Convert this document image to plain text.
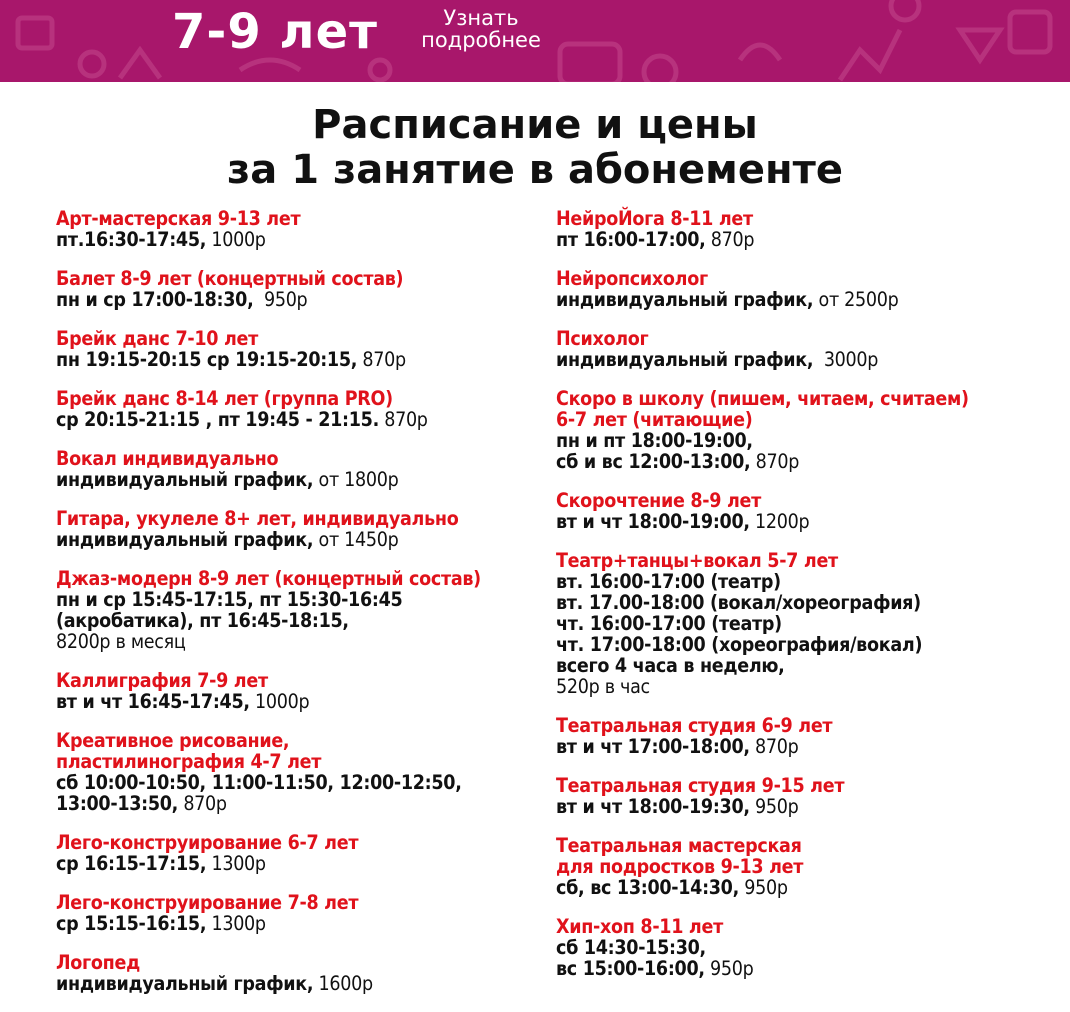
7-9 лет	Узнать
подробнее
Расписание и цены
за 1 занятие в абонементе
Арт-мастерская 9-13 лет
пт.16:30-17:45, 1000р
Балет 8-9 лет (концертный состав)
пн и ср 17:00-18:30,  950р
Брейк данс 7-10 лет
пн 19:15-20:15 ср 19:15-20:15, 870р
Брейк данс 8-14 лет (группа PRO)
ср 20:15-21:15 , пт 19:45 - 21:15. 870р
Вокал индивидуально
индивидуальный график, от 1800р
Гитара, укулеле 8+ лет, индивидуально
индивидуальный график, от 1450р
Джаз-модерн 8-9 лет (концертный состав)
пн и ср 15:45-17:15, пт 15:30-16:45
(акробатика), пт 16:45-18:15,
8200р в месяц
Каллиграфия 7-9 лет
вт и чт 16:45-17:45, 1000р
Креативное рисование,
пластилинография 4-7 лет
сб 10:00-10:50, 11:00-11:50, 12:00-12:50,
13:00-13:50, 870р
Лего-конструирование 6-7 лет
ср 16:15-17:15, 1300р
Лего-конструирование 7-8 лет
ср 15:15-16:15, 1300р
Логопед
индивидуальный график, 1600р
НейроЙога 8-11 лет
пт 16:00-17:00, 870р
Нейропсихолог
индивидуальный график, от 2500р
Психолог
индивидуальный график,  3000р
Скоро в школу (пишем, читаем, считаем)
6-7 лет (читающие)
пн и пт 18:00-19:00,
сб и вс 12:00-13:00, 870р
Скорочтение 8-9 лет
вт и чт 18:00-19:00, 1200р
Театр+танцы+вокал 5-7 лет
вт. 16:00-17:00 (театр)
вт. 17.00-18:00 (вокал/хореография)
чт. 16:00-17:00 (театр)
чт. 17:00-18:00 (хореография/вокал)
всего 4 часа в неделю,
520р в час
Театральная студия 6-9 лет
вт и чт 17:00-18:00, 870р
Театральная студия 9-15 лет
вт и чт 18:00-19:30, 950р
Театральная мастерская
для подростков 9-13 лет
сб, вс 13:00-14:30, 950р
Хип-хоп 8-11 лет
сб 14:30-15:30,
вс 15:00-16:00, 950р
